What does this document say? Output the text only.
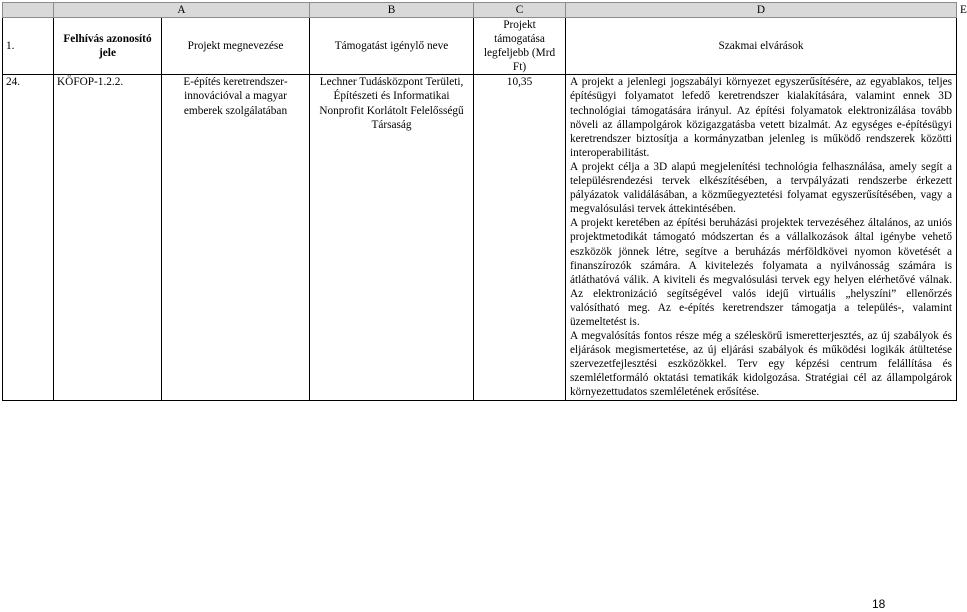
	A		B	C	D	E
1.	Felhívás azonosító jele	Projekt megnevezése	Támogatást igénylő neve	Projekt támogatása legfeljebb (Mrd Ft)	Szakmai elvárások	
24.	KÖFOP-1.2.2.	E-építés keretrendszer-innovációval a magyar emberek szolgálatában	Lechner Tudásközpont Területi, Építészeti és Informatikai Nonprofit Korlátolt Felelősségű Társaság	10,35	A projekt a jelenlegi jogszabályi környezet egyszerűsítésére, az egyablakos, teljes építésügyi folyamatot lefedő keretrendszer kialakítására, valamint ennek 3D technológiai támogatására irányul. Az építési folyamatok elektronizálása tovább növeli az állampolgárok közigazgatásba vetett bizalmát. Az egységes e-építésügyi keretrendszer biztosítja a kormányzatban jelenleg is működő rendszerek közötti interoperabilitást.

A projekt célja a 3D alapú megjelenítési technológia felhasználása, amely segít a településrendezési tervek elkészítésében, a tervpályázati rendszerbe érkezett pályázatok validálásában, a közműegyeztetési folyamat egyszerűsítésében, vagy a megvalósulási tervek áttekintésében.

A projekt keretében az építési beruházási projektek tervezéséhez általános, az uniós projektmetodikát támogató módszertan és a vállalkozások által igénybe vehető eszközök jönnek létre, segítve a beruházás mérföldkövei nyomon követését a finanszírozók számára. A kivitelezés folyamata a nyilvánosság számára is átláthatóvá válik. A kiviteli és megvalósulási tervek egy helyen elérhetővé válnak. Az elektronizáció segítségével valós idejű virtuális „helyszíni” ellenőrzés valósítható meg. Az e-építés keretrendszer támogatja a település-, valamint üzemeltetést is.

A megvalósítás fontos része még a széleskörű ismeretterjesztés, az új szabályok és eljárások megismertetése, az új eljárási szabályok és működési logikák átültetése szervezetfejlesztési eszközökkel. Terv egy képzési centrum felállítása és szemléletformáló oktatási tematikák kidolgozása. Stratégiai cél az állampolgárok környezettudatos szemléletének erősítése.	

18
